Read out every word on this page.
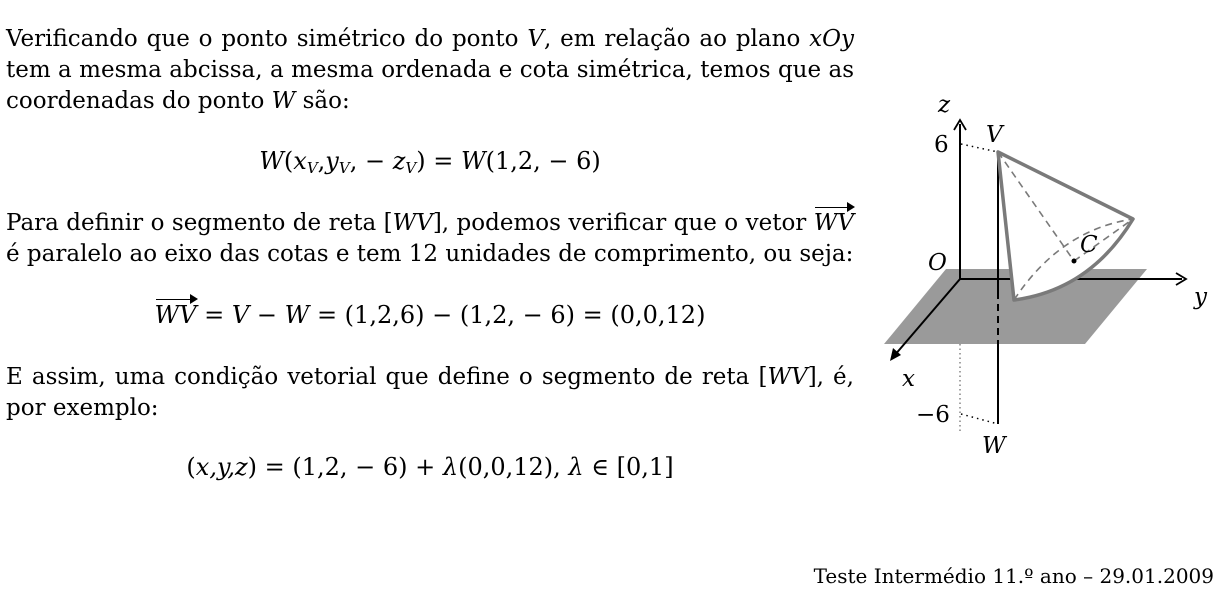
Verificando que o ponto simétrico do ponto V, em relação ao plano xOy tem a mesma abcissa, a mesma ordenada e cota simétrica, temos que as coordenadas do ponto W são:
$W(x_V,y_V$, − $z_V) = W(1,2$, − 6)
Para definir o segmento de reta [WV], podemos verificar que o vetor WV é paralelo ao eixo das cotas e tem 12 unidades de comprimento, ou seja:
WV = V − W = (1,2,6) − (1,2, − 6) = (0,0,12)
E assim, uma condição vetorial que define o segmento de reta [WV], é, por exemplo:
(x,y,z) = (1,2, − 6) + λ(0,0,12), λ ∈ [0,1]
z
V
6
C
O
y
x
−6
W
Teste Intermédio 11.º ano – 29.01.2009
